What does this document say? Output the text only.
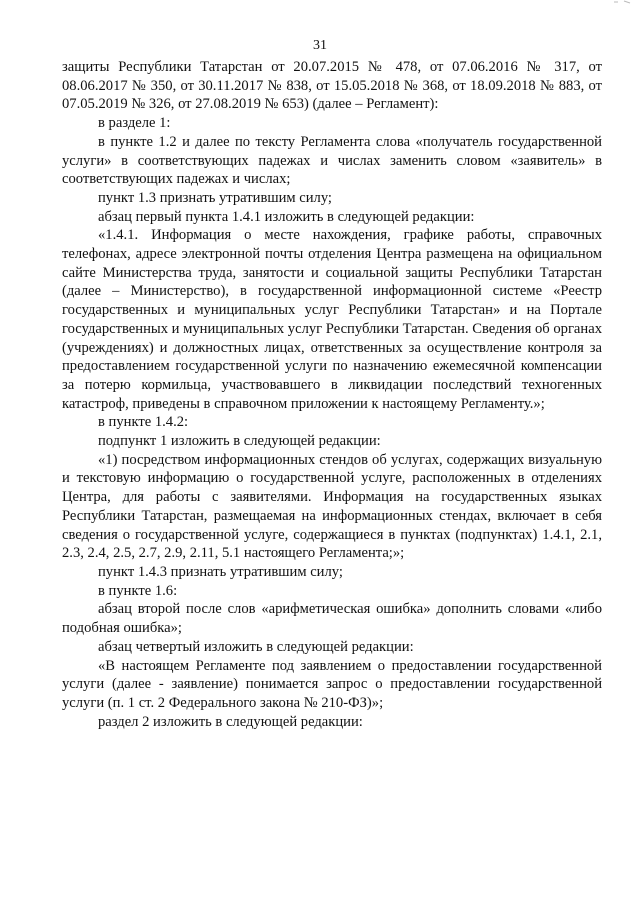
31

защиты Республики Татарстан от 20.07.2015 № 478, от 07.06.2016 № 317, от 08.06.2017 № 350, от 30.11.2017 № 838, от 15.05.2018 № 368, от 18.09.2018 № 883, от 07.05.2019 № 326, от 27.08.2019 № 653) (далее – Регламент):

в разделе 1:

в пункте 1.2 и далее по тексту Регламента слова «получатель государственной услуги» в соответствующих падежах и числах заменить словом «заявитель» в соответствующих падежах и числах;

пункт 1.3 признать утратившим силу;

абзац первый пункта 1.4.1 изложить в следующей редакции:

«1.4.1. Информация о месте нахождения, графике работы, справочных телефонах, адресе электронной почты отделения Центра размещена на официальном сайте Министерства труда, занятости и социальной защиты Республики Татарстан (далее – Министерство), в государственной информационной системе «Реестр государственных и муниципальных услуг Республики Татарстан» и на Портале государственных и муниципальных услуг Республики Татарстан. Сведения об органах (учреждениях) и должностных лицах, ответственных за осуществление контроля за предоставлением государственной услуги по назначению ежемесячной компенсации за потерю кормильца, участвовавшего в ликвидации последствий техногенных катастроф, приведены в справочном приложении к настоящему Регламенту.»;

в пункте 1.4.2:

подпункт 1 изложить в следующей редакции:

«1) посредством информационных стендов об услугах, содержащих визуальную и текстовую информацию о государственной услуге, расположенных в отделениях Центра, для работы с заявителями. Информация на государственных языках Республики Татарстан, размещаемая на информационных стендах, включает в себя сведения о государственной услуге, содержащиеся в пунктах (подпунктах) 1.4.1, 2.1, 2.3, 2.4, 2.5, 2.7, 2.9, 2.11, 5.1 настоящего Регламента;»;

пункт 1.4.3 признать утратившим силу;

в пункте 1.6:

абзац второй после слов «арифметическая ошибка» дополнить словами «либо подобная ошибка»;

абзац четвертый изложить в следующей редакции:

«В настоящем Регламенте под заявлением о предоставлении государственной услуги (далее - заявление) понимается запрос о предоставлении государственной услуги (п. 1 ст. 2 Федерального закона № 210-ФЗ)»;

раздел 2 изложить в следующей редакции:
